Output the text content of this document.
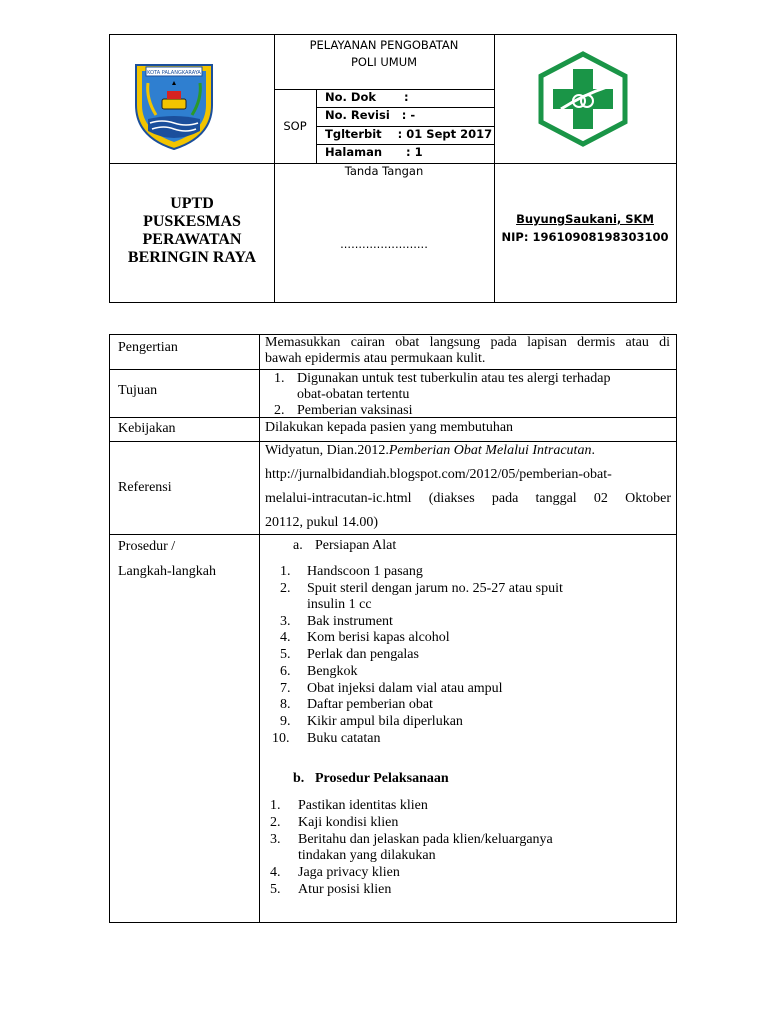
KOTA PALANGKARAYA
PELAYANAN PENGOBATAN
POLI UMUM
SOP
No. Dok       :
No. Revisi   : -
Tglterbit    : 01 Sept 2017
Halaman      : 1
UPTD
PUSKESMAS
PERAWATAN
BERINGIN RAYA
Tanda Tangan
........................
BuyungSaukani, SKM
NIP: 19610908198303100
Pengertian	Memasukkan cairan obat langsung pada lapisan dermis atau di
bawah epidermis atau permukaan kulit.
Tujuan
1. Digunakan untuk test tuberkulin atau tes alergi terhadap
obat-obatan tertentu
2. Pemberian vaksinasi
Kebijakan	Dilakukan kepada pasien yang membutuhan
Referensi
Widyatun, Dian.2012.Pemberian Obat Melalui Intracutan.
http://jurnalbidandiah.blogspot.com/2012/05/pemberian-obat-
melalui-intracutan-ic.html (diakses pada tanggal 02 Oktober
20112, pukul 14.00)
Prosedur /
Langkah-langkah
a. Persiapan Alat
1. Handscoon 1 pasang
2. Spuit steril dengan jarum no. 25-27 atau spuit
insulin 1 cc
3. Bak instrument
4. Kom berisi kapas alcohol
5. Perlak dan pengalas
6. Bengkok
7. Obat injeksi dalam vial atau ampul
8. Daftar pemberian obat
9. Kikir ampul bila diperlukan
10. Buku catatan
b. Prosedur Pelaksanaan
1. Pastikan identitas klien
2. Kaji kondisi klien
3. Beritahu dan jelaskan pada klien/keluarganya
tindakan yang dilakukan
4. Jaga privacy klien
5. Atur posisi klien
